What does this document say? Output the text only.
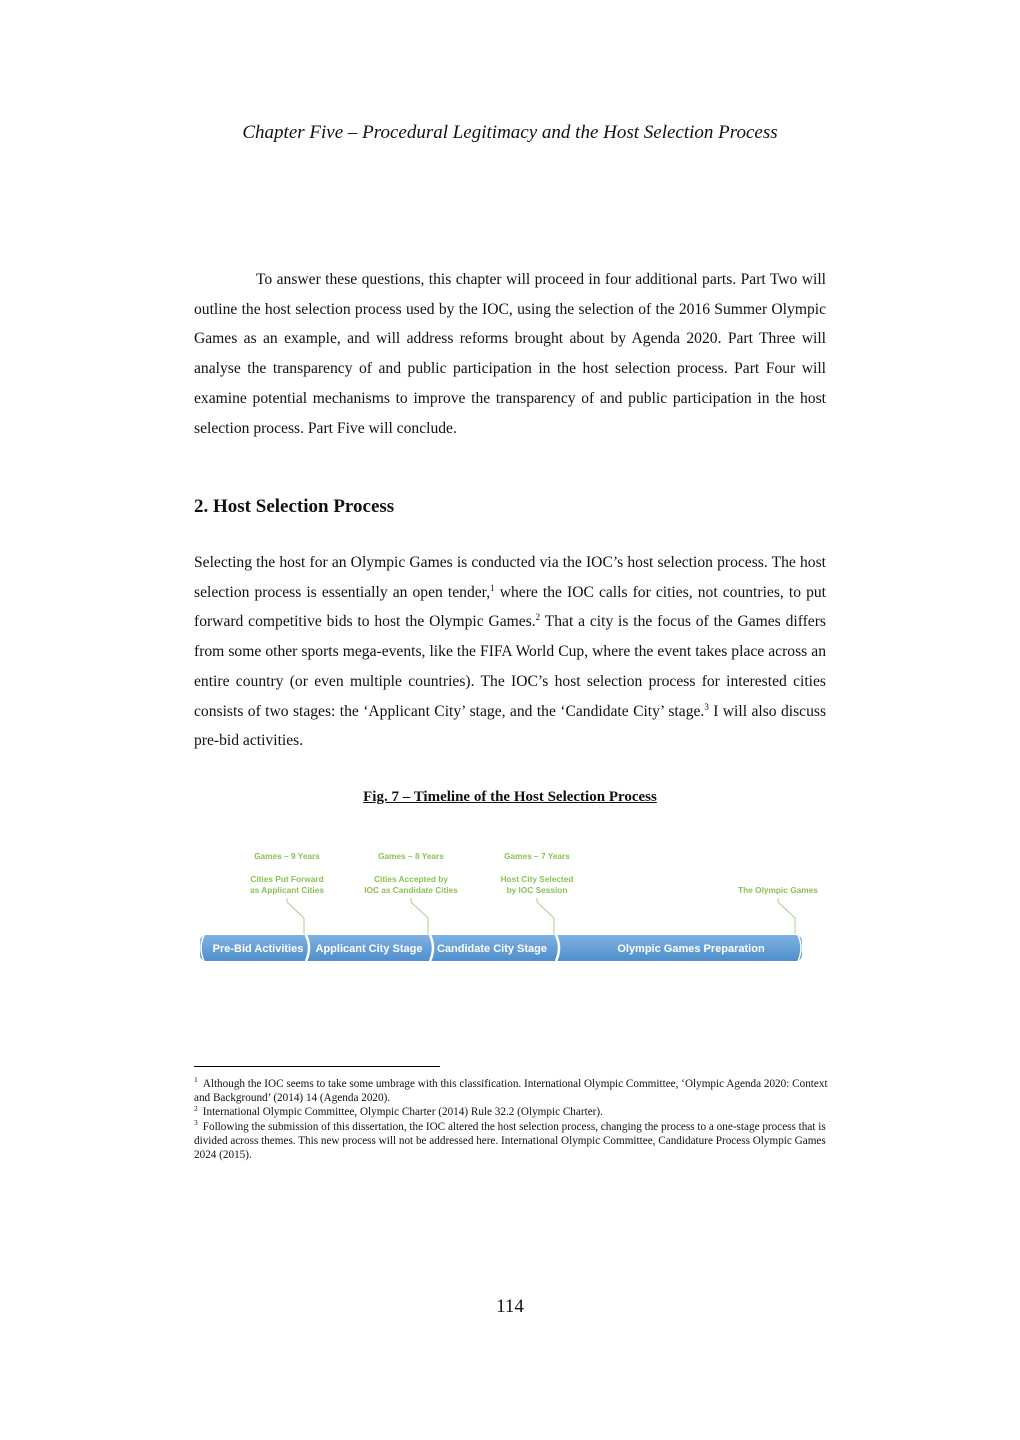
Chapter Five – Procedural Legitimacy and the Host Selection Process

To answer these questions, this chapter will proceed in four additional parts. Part Two will outline the host selection process used by the IOC, using the selection of the 2016 Summer Olympic Games as an example, and will address reforms brought about by Agenda 2020. Part Three will analyse the transparency of and public participation in the host selection process. Part Four will examine potential mechanisms to improve the transparency of and public participation in the host selection process. Part Five will conclude.

2. Host Selection Process

Selecting the host for an Olympic Games is conducted via the IOC’s host selection process. The host selection process is essentially an open tender,$^1$ where the IOC calls for cities, not countries, to put forward competitive bids to host the Olympic Games.$^2$ That a city is the focus of the Games differs from some other sports mega-events, like the FIFA World Cup, where the event takes place across an entire country (or even multiple countries). The IOC’s host selection process for interested cities consists of two stages: the ‘Applicant City’ stage, and the ‘Candidate City’ stage.$^3$ I will also discuss pre-bid activities.

Fig. 7 – Timeline of the Host Selection Process
Games – 9 Years
Cities Put Forward
as Applicant Cities
Games – 8 Years
Cities Accepted by
IOC as Candidate Cities
Games – 7 Years
Host City Selected
by IOC Session	The Olympic Games
Pre-Bid Activities Applicant City Stage Candidate City Stage	Olympic Games Preparation

$^1$ Although the IOC seems to take some umbrage with this classification. International Olympic Committee, ‘Olympic Agenda 2020: Context and Background’ (2014) 14 (Agenda 2020).

$^2$ International Olympic Committee, Olympic Charter (2014) Rule 32.2 (Olympic Charter).

$^3$ Following the submission of this dissertation, the IOC altered the host selection process, changing the process to a one-stage process that is divided across themes. This new process will not be addressed here. International Olympic Committee, Candidature Process Olympic Games 2024 (2015).

114
